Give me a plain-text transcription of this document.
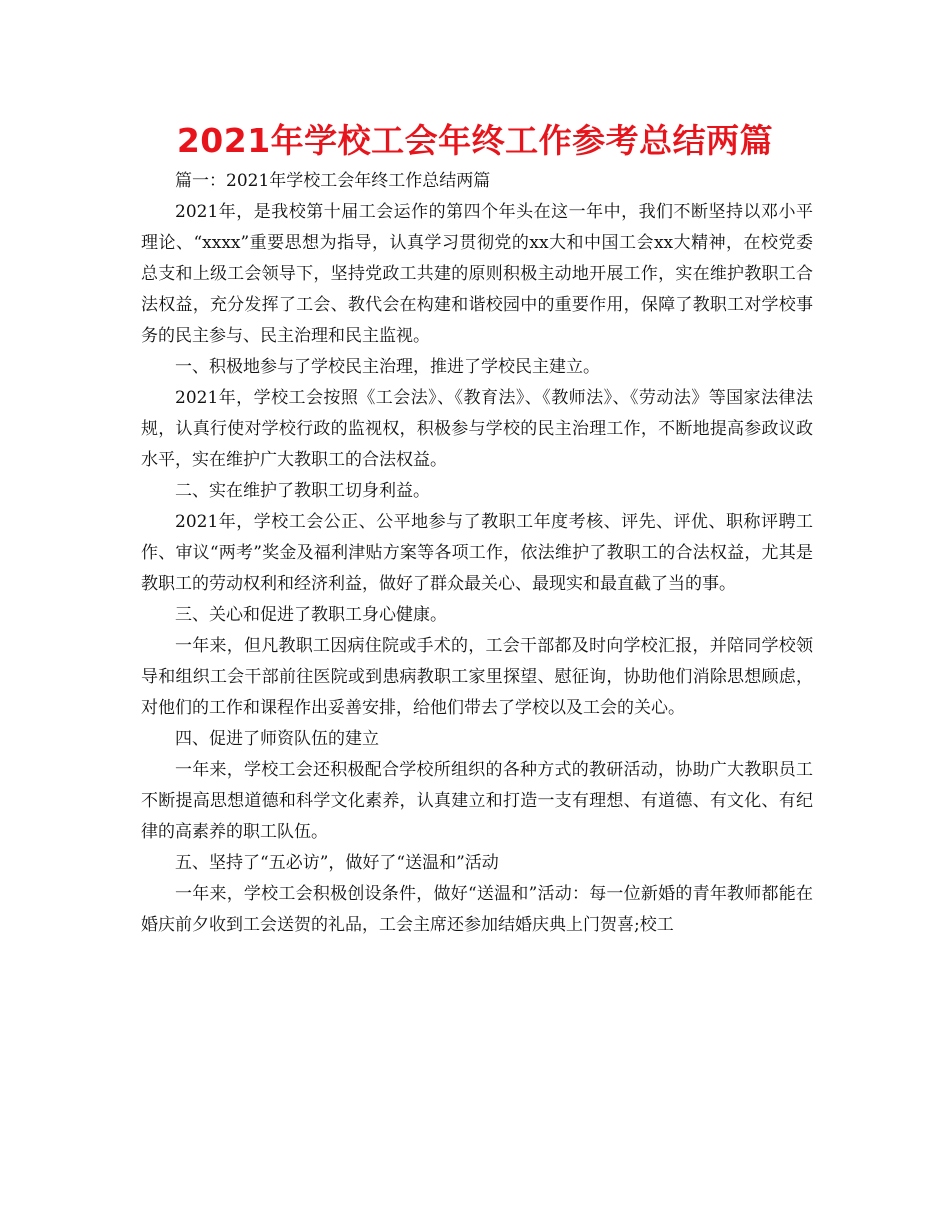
2021年学校工会年终工作参考总结两篇

篇一：2021年学校工会年终工作总结两篇

2021年，是我校第十届工会运作的第四个年头在这一年中，我们不断坚持以邓小平理论、“xxxx”重要思想为指导，认真学习贯彻党的xx大和中国工会xx大精神，在校党委总支和上级工会领导下，坚持党政工共建的原则积极主动地开展工作，实在维护教职工合法权益，充分发挥了工会、教代会在构建和谐校园中的重要作用，保障了教职工对学校事务的民主参与、民主治理和民主监视。

一、积极地参与了学校民主治理，推进了学校民主建立。

2021年，学校工会按照《工会法》、《教育法》、《教师法》、《劳动法》等国家法律法规，认真行使对学校行政的监视权，积极参与学校的民主治理工作，不断地提高参政议政水平，实在维护广大教职工的合法权益。

二、实在维护了教职工切身利益。

2021年，学校工会公正、公平地参与了教职工年度考核、评先、评优、职称评聘工作、审议“两考”奖金及福利津贴方案等各项工作，依法维护了教职工的合法权益，尤其是教职工的劳动权利和经济利益，做好了群众最关心、最现实和最直截了当的事。

三、关心和促进了教职工身心健康。

一年来，但凡教职工因病住院或手术的，工会干部都及时向学校汇报，并陪同学校领导和组织工会干部前往医院或到患病教职工家里探望、慰征询，协助他们消除思想顾虑，对他们的工作和课程作出妥善安排，给他们带去了学校以及工会的关心。

四、促进了师资队伍的建立

一年来，学校工会还积极配合学校所组织的各种方式的教研活动，协助广大教职员工不断提高思想道德和科学文化素养，认真建立和打造一支有理想、有道德、有文化、有纪律的高素养的职工队伍。

五、坚持了“五必访”，做好了“送温和”活动

一年来，学校工会积极创设条件，做好“送温和”活动：每一位新婚的青年教师都能在婚庆前夕收到工会送贺的礼品，工会主席还参加结婚庆典上门贺喜;校工
